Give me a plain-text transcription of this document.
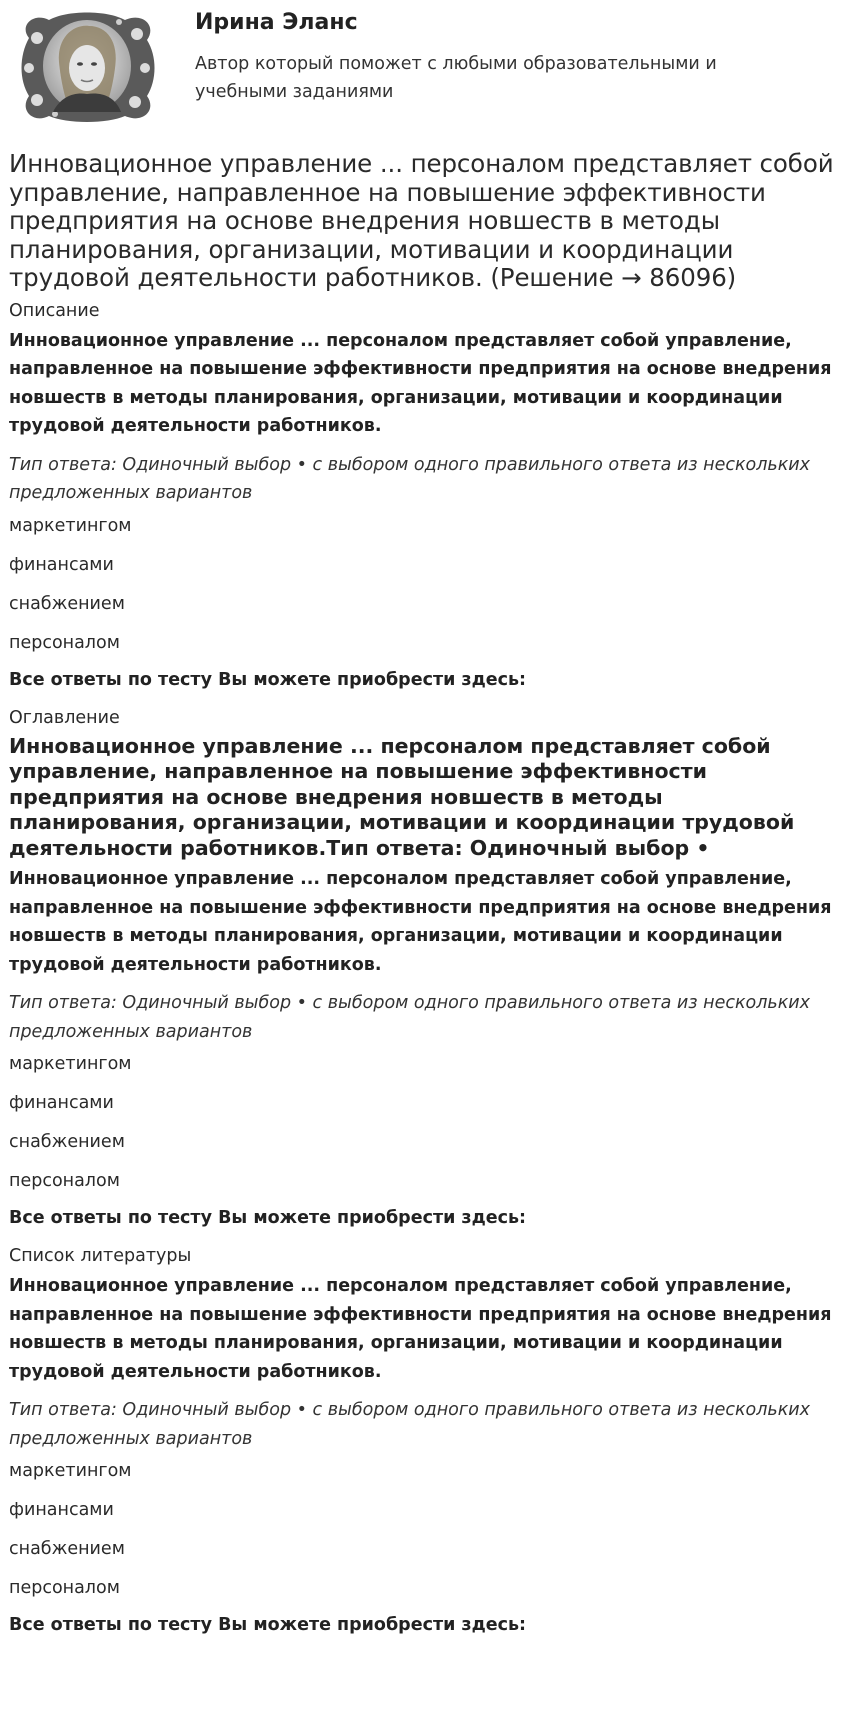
Ирина Эланс
Автор который поможет с любыми образовательными и учебными заданиями
Инновационное управление ... персоналом представляет собой управление, направленное на повышение эффективности предприятия на основе внедрения новшеств в методы планирования, организации, мотивации и координации трудовой деятельности работников. (Решение → 86096)
Описание
Инновационное управление ... персоналом представляет собой управление, направленное на повышение эффективности предприятия на основе внедрения новшеств в методы планирования, организации, мотивации и координации трудовой деятельности работников.
Тип ответа: Одиночный выбор • с выбором одного правильного ответа из нескольких предложенных вариантов
маркетингом
финансами
снабжением
персоналом
Все ответы по тесту Вы можете приобрести здесь:
Оглавление
Инновационное управление ... персоналом представляет собой управление, направленное на повышение эффективности предприятия на основе внедрения новшеств в методы планирования, организации, мотивации и координации трудовой деятельности работников.Тип ответа: Одиночный выбор •
Инновационное управление ... персоналом представляет собой управление, направленное на повышение эффективности предприятия на основе внедрения новшеств в методы планирования, организации, мотивации и координации трудовой деятельности работников.
Тип ответа: Одиночный выбор • с выбором одного правильного ответа из нескольких предложенных вариантов
маркетингом
финансами
снабжением
персоналом
Все ответы по тесту Вы можете приобрести здесь:
Список литературы
Инновационное управление ... персоналом представляет собой управление, направленное на повышение эффективности предприятия на основе внедрения новшеств в методы планирования, организации, мотивации и координации трудовой деятельности работников.
Тип ответа: Одиночный выбор • с выбором одного правильного ответа из нескольких предложенных вариантов
маркетингом
финансами
снабжением
персоналом
Все ответы по тесту Вы можете приобрести здесь:
